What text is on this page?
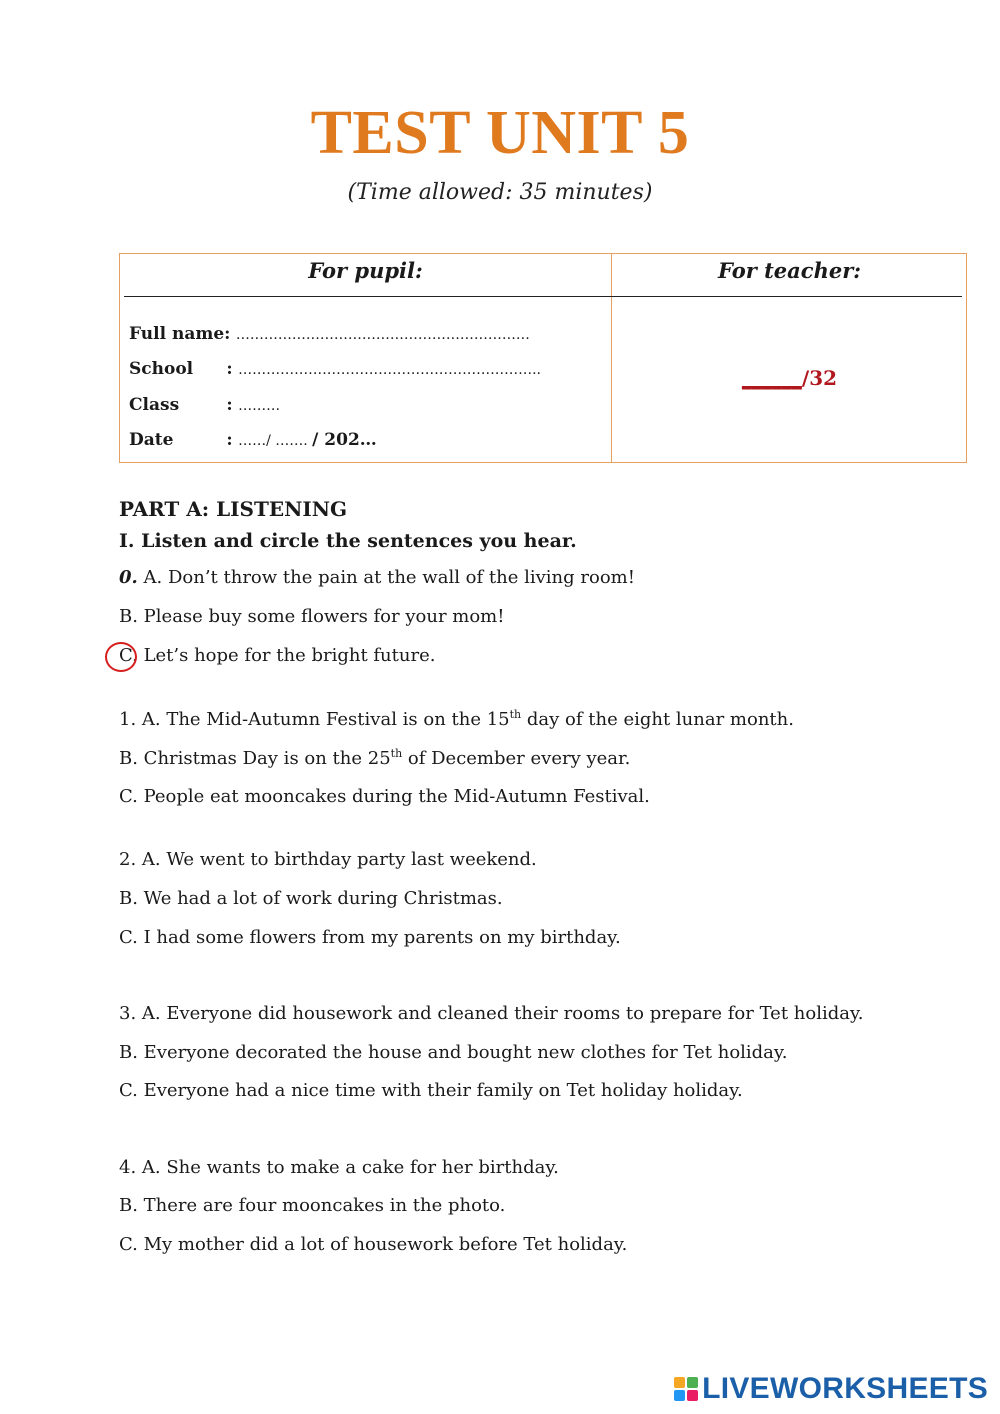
TEST UNIT 5
(Time allowed: 35 minutes)
For pupil:	For teacher:
Full name: ………………………………………………………
School : ………………………………………………………..
Class	: ………
Date	: ……/ ……. / 202…
______/32
PART A: LISTENING
I. Listen and circle the sentences you hear.
0. A. Don’t throw the pain at the wall of the living room!
B. Please buy some flowers for your mom!
C. Let’s hope for the bright future.
1. A. The Mid-Autumn Festival is on the 15th day of the eight lunar month.
B. Christmas Day is on the 25th of December every year.
C. People eat mooncakes during the Mid-Autumn Festival.
2. A. We went to birthday party last weekend.
B. We had a lot of work during Christmas.
C. I had some flowers from my parents on my birthday.
3. A. Everyone did housework and cleaned their rooms to prepare for Tet holiday.
B. Everyone decorated the house and bought new clothes for Tet holiday.
C. Everyone had a nice time with their family on Tet holiday holiday.
4. A. She wants to make a cake for her birthday.
B. There are four mooncakes in the photo.
C. My mother did a lot of housework before Tet holiday.
LIVEWORKSHEETS
